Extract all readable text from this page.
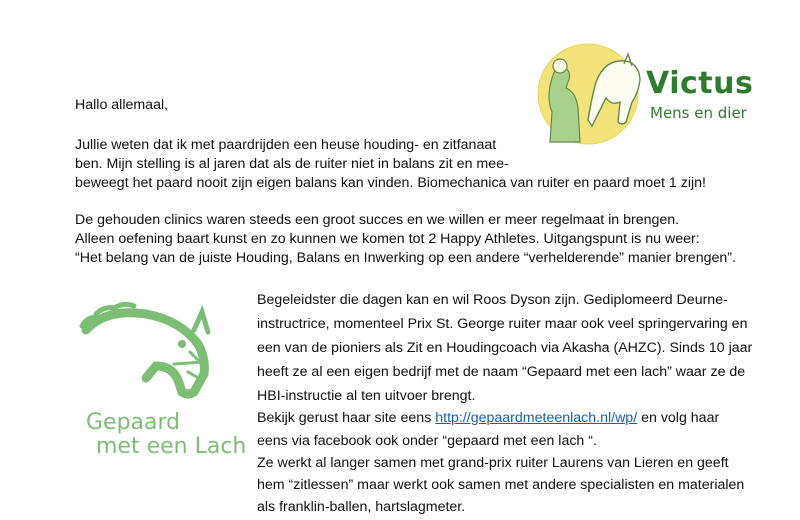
Victus
Mens en dier
Hallo allemaal,
Jullie weten dat ik met paardrijden een heuse houding- en zitfanaat
ben. Mijn stelling is al jaren dat als de ruiter niet in balans zit en mee-
beweegt het paard nooit zijn eigen balans kan vinden. Biomechanica van ruiter en paard moet 1 zijn!
De gehouden clinics waren steeds een groot succes en we willen er meer regelmaat in brengen.
Alleen oefening baart kunst en zo kunnen we komen tot 2 Happy Athletes. Uitgangspunt is nu weer:
“Het belang van de juiste Houding, Balans en Inwerking op een andere “verhelderende” manier brengen”.
Gepaard
met een Lach
Begeleidster die dagen kan en wil Roos Dyson zijn. Gediplomeerd Deurne-
instructrice, momenteel Prix St. George ruiter maar ook veel springervaring en
een van de pioniers als Zit en Houdingcoach via Akasha (AHZC). Sinds 10 jaar
heeft ze al een eigen bedrijf met de naam “Gepaard met een lach” waar ze de
HBI-instructie al ten uitvoer brengt.
Bekijk gerust haar site eens http://gepaardmeteenlach.nl/wp/ en volg haar
eens via facebook ook onder “gepaard met een lach “.
Ze werkt al langer samen met grand-prix ruiter Laurens van Lieren en geeft
hem “zitlessen” maar werkt ook samen met andere specialisten en materialen
als franklin-ballen, hartslagmeter.
